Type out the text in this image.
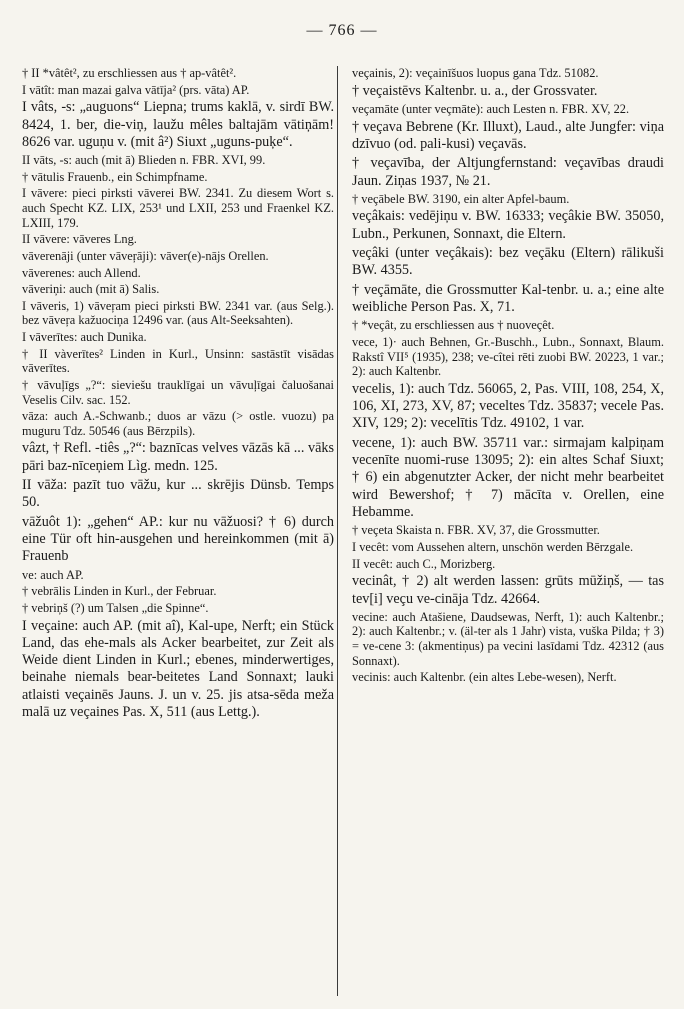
— 766 —

† II *vâtêt², zu erschliessen aus † ap-vâtêt².

I vātît: man mazai galva vātīja² (prs. vāta) AP.

I vâts, -s: „auguons“ Liepna; trums kaklā, v. sirdī BW. 8424, 1. ber, die-viņ, laužu mêles baltajām vātiņām! 8626 var. uguņu v. (mit â²) Siuxt „uguns-puķe“.

II vāts, -s: auch (mit ā) Blieden n. FBR. XVI, 99.

† vātulis Frauenb., ein Schimpfname.

I vāvere: pieci pirksti vāverei BW. 2341. Zu diesem Wort s. auch Specht KZ. LIX, 253¹ und LXII, 253 und Fraenkel KZ. LXIII, 179.

II vāvere: vāveres Lng.

vāverenāji (unter vāveŗāji): vāver(e)-nājs Orellen.

vāverenes: auch Allend.

vāveriņi: auch (mit ā) Salis.

I vāveris, 1) vāveŗam pieci pirksti BW. 2341 var. (aus Selg.). bez vāveŗa kažuociņa 12496 var. (aus Alt-Seeksahten).

I vāverītes: auch Dunika.

† II vàverītes² Linden in Kurl., Unsinn: sastāstīt visādas vāverītes.

† vāvuļīgs „?“: sieviešu trauklīgai un vāvuļīgai čaluošanai Veselis Cilv. sac. 152.

vāza: auch A.-Schwanb.; duos ar vāzu (> ostle. vuozu) pa muguru Tdz. 50546 (aus Bērzpils).

vâzt, † Refl. -tiês „?“: baznīcas velves vāzās kā ... vāks pāri baz-nīceņiem Lìg. medn. 125.

II vāža: pazīt tuo vāžu, kur ... skrējis Dünsb. Temps 50.

vāžuôt 1): „gehen“ AP.: kur nu vāžuosi? † 6) durch eine Tür oft hin-ausgehen und hereinkommen (mit ā) Frauenb

ve: auch AP.

† vebrālis Linden in Kurl., der Februar.

† vebriņš (?) um Talsen „die Spinne“.

I veçaine: auch AP. (mit aî), Kal-upe, Nerft; ein Stück Land, das ehe-mals als Acker bearbeitet, zur Zeit als Weide dient Linden in Kurl.; ebenes, minderwertiges, beinahe niemals bear-beitetes Land Sonnaxt; lauki atlaisti veçainēs Jauns. J. un v. 25. jis atsa-sēda meža malā uz veçaines Pas. X, 511 (aus Lettg.).

veçainis, 2): veçainīšuos luopus gana Tdz. 51082.

† veçaistēvs Kaltenbr. u. a., der Grossvater.

veçamāte (unter veçmāte): auch Lesten n. FBR. XV, 22.

† veçava Bebrene (Kr. Illuxt), Laud., alte Jungfer: viņa dzīvuo (od. pali-kusi) veçavās.

† veçavība, der Altjungfernstand: veçavības draudi Jaun. Ziņas 1937, № 21.

† veçābele BW. 3190, ein alter Apfel-baum.

veçâkais: vedējiņu v. BW. 16333; veçâkie BW. 35050, Lubn., Perkunen, Sonnaxt, die Eltern.

veçâki (unter veçâkais): bez veçāku (Eltern) rālikuši BW. 4355.

† veçāmāte, die Grossmutter Kal-tenbr. u. a.; eine alte weibliche Person Pas. X, 71.

† *veçât, zu erschliessen aus † nuoveçêt.

vece, 1)· auch Behnen, Gr.-Buschh., Lubn., Sonnaxt, Blaum. Rakstî VII⁵ (1935), 238; ve-cîtei rēti zuobi BW. 20223, 1 var.; 2): auch Kaltenbr.

vecelis, 1): auch Tdz. 56065, 2, Pas. VIII, 108, 254, X, 106, XI, 273, XV, 87; veceltes Tdz. 35837; vecele Pas. XIV, 129; 2): vecelītis Tdz. 49102, 1 var.

vecene, 1): auch BW. 35711 var.: sirmajam kalpiņam vecenīte nuomi-ruse 13095; 2): ein altes Schaf Siuxt; † 6) ein abgenutzter Acker, der nicht mehr bearbeitet wird Bewershof; † 7) mācīta v. Orellen, eine Hebamme.

† veçeta Skaista n. FBR. XV, 37, die Grossmutter.

I vecêt: vom Aussehen altern, unschön werden Bērzgale.

II vecêt: auch C., Morizberg.

vecinât, † 2) alt werden lassen: grūts mūžiņš, — tas tev[i] veçu ve-cināja Tdz. 42664.

vecine: auch Atašiene, Daudsewas, Nerft, 1): auch Kaltenbr.; 2): auch Kaltenbr.; v. (äl-ter als 1 Jahr) vista, vuška Pilda; † 3) = ve-cene 3: (akmentiņus) pa vecini lasīdami Tdz. 42312 (aus Sonnaxt).

vecinis: auch Kaltenbr. (ein altes Lebe-wesen), Nerft.
